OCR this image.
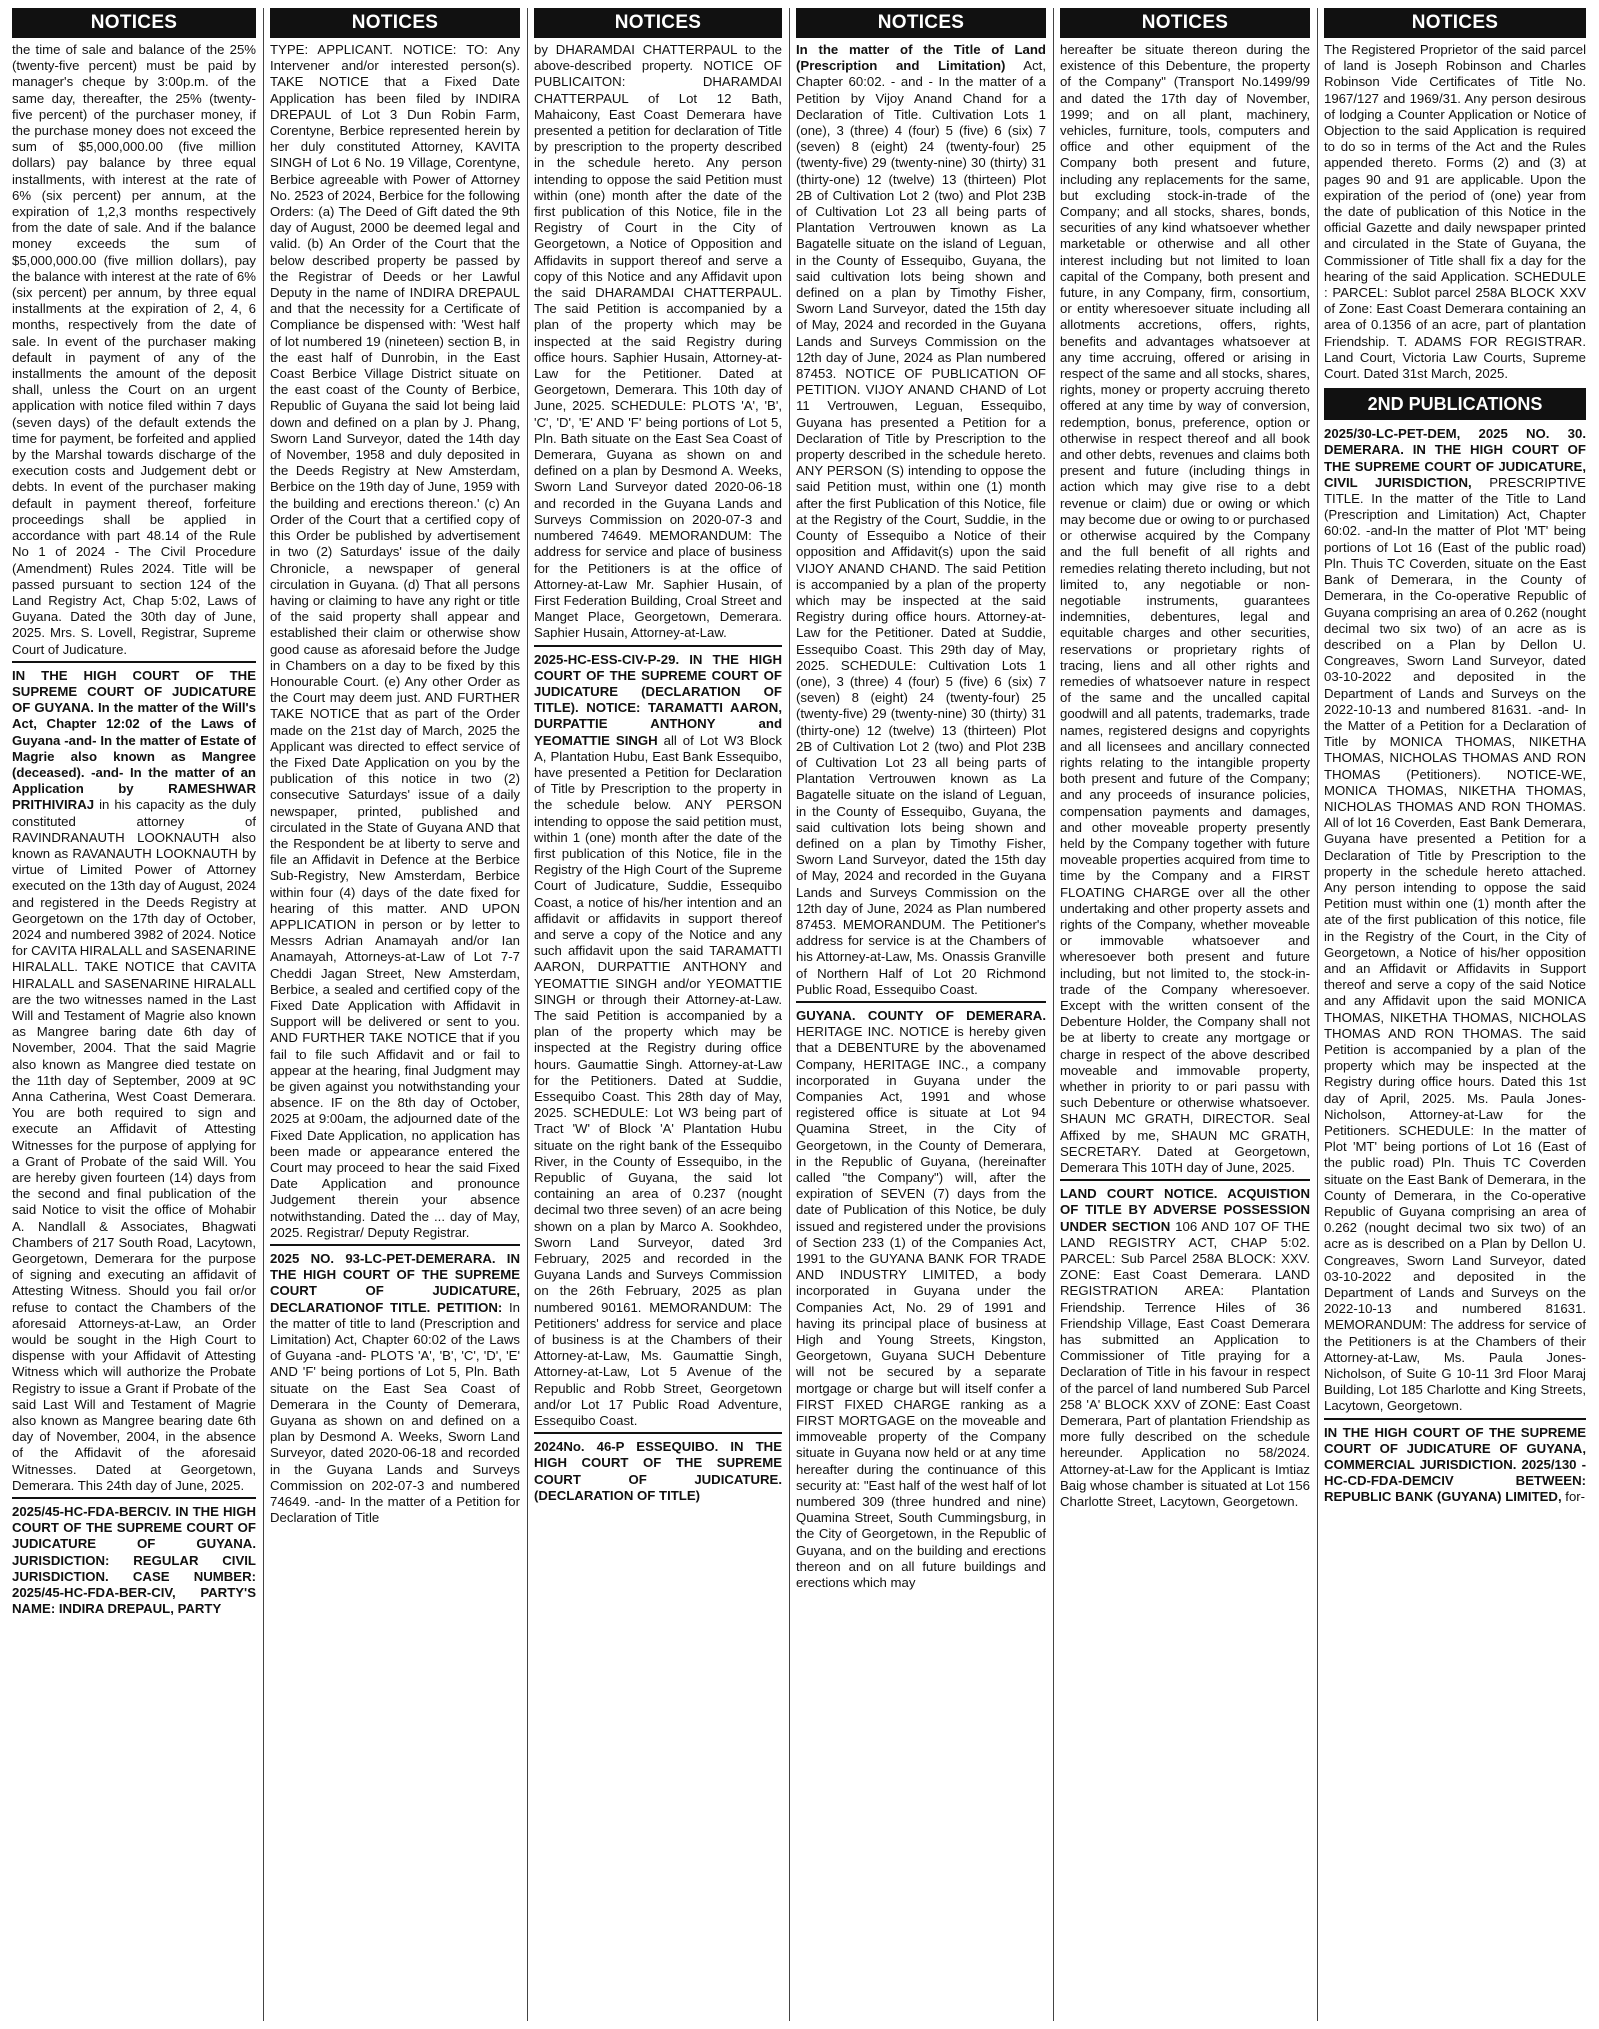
NOTICES

the time of sale and balance of the 25% (twenty-five percent) must be paid by manager's cheque by 3:00p.m. of the same day, thereafter, the 25% (twenty-five percent) of the purchaser money, if the purchase money does not exceed the sum of $5,000,000.00 (five million dollars) pay balance by three equal installments, with interest at the rate of 6% (six percent) per annum, at the expiration of 1,2,3 months respectively from the date of sale. And if the balance money exceeds the sum of $5,000,000.00 (five million dollars), pay the balance with interest at the rate of 6% (six percent) per annum, by three equal installments at the expiration of 2, 4, 6 months, respectively from the date of sale. In event of the purchaser making default in payment of any of the installments the amount of the deposit shall, unless the Court on an urgent application with notice filed within 7 days (seven days) of the default extends the time for payment, be forfeited and applied by the Marshal towards discharge of the execution costs and Judgement debt or debts. In event of the purchaser making default in payment thereof, forfeiture proceedings shall be applied in accordance with part 48.14 of the Rule No 1 of 2024 - The Civil Procedure (Amendment) Rules 2024. Title will be passed pursuant to section 124 of the Land Registry Act, Chap 5:02, Laws of Guyana. Dated the 30th day of June, 2025. Mrs. S. Lovell, Registrar, Supreme Court of Judicature.

IN THE HIGH COURT OF THE SUPREME COURT OF JUDICATURE OF GUYANA. In the matter of the Will's Act, Chapter 12:02 of the Laws of Guyana -and- In the matter of Estate of Magrie also known as Mangree (deceased). -and- In the matter of an Application by RAMESHWAR PRITHIVIRAJ in his capacity as the duly constituted attorney of RAVINDRANAUTH LOOKNAUTH also known as RAVANAUTH LOOKNAUTH by virtue of Limited Power of Attorney executed on the 13th day of August, 2024 and registered in the Deeds Registry at Georgetown on the 17th day of October, 2024 and numbered 3982 of 2024. Notice for CAVITA HIRALALL and SASENARINE HIRALALL. TAKE NOTICE that CAVITA HIRALALL and SASENARINE HIRALALL are the two witnesses named in the Last Will and Testament of Magrie also known as Mangree baring date 6th day of November, 2004. That the said Magrie also known as Mangree died testate on the 11th day of September, 2009 at 9C Anna Catherina, West Coast Demerara. You are both required to sign and execute an Affidavit of Attesting Witnesses for the purpose of applying for a Grant of Probate of the said Will. You are hereby given fourteen (14) days from the second and final publication of the said Notice to visit the office of Mohabir A. Nandlall & Associates, Bhagwati Chambers of 217 South Road, Lacytown, Georgetown, Demerara for the purpose of signing and executing an affidavit of Attesting Witness. Should you fail or/or refuse to contact the Chambers of the aforesaid Attorneys-at-Law, an Order would be sought in the High Court to dispense with your Affidavit of Attesting Witness which will authorize the Probate Registry to issue a Grant if Probate of the said Last Will and Testament of Magrie also known as Mangree bearing date 6th day of November, 2004, in the absence of the Affidavit of the aforesaid Witnesses. Dated at Georgetown, Demerara. This 24th day of June, 2025.

2025/45-HC-FDA-BERCIV. IN THE HIGH COURT OF THE SUPREME COURT OF JUDICATURE OF GUYANA. JURISDICTION: REGULAR CIVIL JURISDICTION. CASE NUMBER: 2025/45-HC-FDA-BER-CIV, PARTY'S NAME: INDIRA DREPAUL, PARTY

NOTICES

TYPE: APPLICANT. NOTICE: TO: Any Intervener and/or interested person(s). TAKE NOTICE that a Fixed Date Application has been filed by INDIRA DREPAUL of Lot 3 Dun Robin Farm, Corentyne, Berbice represented herein by her duly constituted Attorney, KAVITA SINGH of Lot 6 No. 19 Village, Corentyne, Berbice agreeable with Power of Attorney No. 2523 of 2024, Berbice for the following Orders: (a) The Deed of Gift dated the 9th day of August, 2000 be deemed legal and valid. (b) An Order of the Court that the below described property be passed by the Registrar of Deeds or her Lawful Deputy in the name of INDIRA DREPAUL and that the necessity for a Certificate of Compliance be dispensed with: 'West half of lot numbered 19 (nineteen) section B, in the east half of Dunrobin, in the East Coast Berbice Village District situate on the east coast of the County of Berbice, Republic of Guyana the said lot being laid down and defined on a plan by J. Phang, Sworn Land Surveyor, dated the 14th day of November, 1958 and duly deposited in the Deeds Registry at New Amsterdam, Berbice on the 19th day of June, 1959 with the building and erections thereon.' (c) An Order of the Court that a certified copy of this Order be published by advertisement in two (2) Saturdays' issue of the daily Chronicle, a newspaper of general circulation in Guyana. (d) That all persons having or claiming to have any right or title of the said property shall appear and established their claim or otherwise show good cause as aforesaid before the Judge in Chambers on a day to be fixed by this Honourable Court. (e) Any other Order as the Court may deem just. AND FURTHER TAKE NOTICE that as part of the Order made on the 21st day of March, 2025 the Applicant was directed to effect service of the Fixed Date Application on you by the publication of this notice in two (2) consecutive Saturdays' issue of a daily newspaper, printed, published and circulated in the State of Guyana AND that the Respondent be at liberty to serve and file an Affidavit in Defence at the Berbice Sub-Registry, New Amsterdam, Berbice within four (4) days of the date fixed for hearing of this matter. AND UPON APPLICATION in person or by letter to Messrs Adrian Anamayah and/or Ian Anamayah, Attorneys-at-Law of Lot 7-7 Cheddi Jagan Street, New Amsterdam, Berbice, a sealed and certified copy of the Fixed Date Application with Affidavit in Support will be delivered or sent to you. AND FURTHER TAKE NOTICE that if you fail to file such Affidavit and or fail to appear at the hearing, final Judgment may be given against you notwithstanding your absence. IF on the 8th day of October, 2025 at 9:00am, the adjourned date of the Fixed Date Application, no application has been made or appearance entered the Court may proceed to hear the said Fixed Date Application and pronounce Judgement therein your absence notwithstanding. Dated the ... day of May, 2025. Registrar/ Deputy Registrar.

2025 NO. 93-LC-PET-DEMERARA. IN THE HIGH COURT OF THE SUPREME COURT OF JUDICATURE, DECLARATIONOF TITLE. PETITION: In the matter of title to land (Prescription and Limitation) Act, Chapter 60:02 of the Laws of Guyana -and- PLOTS 'A', 'B', 'C', 'D', 'E' AND 'F' being portions of Lot 5, Pln. Bath situate on the East Sea Coast of Demerara in the County of Demerara, Guyana as shown on and defined on a plan by Desmond A. Weeks, Sworn Land Surveyor, dated 2020-06-18 and recorded in the Guyana Lands and Surveys Commission on 202-07-3 and numbered 74649. -and- In the matter of a Petition for Declaration of Title

NOTICES

by DHARAMDAI CHATTERPAUL to the above-described property. NOTICE OF PUBLICAITON: DHARAMDAI CHATTERPAUL of Lot 12 Bath, Mahaicony, East Coast Demerara have presented a petition for declaration of Title by prescription to the property described in the schedule hereto. Any person intending to oppose the said Petition must within (one) month after the date of the first publication of this Notice, file in the Registry of Court in the City of Georgetown, a Notice of Opposition and Affidavits in support thereof and serve a copy of this Notice and any Affidavit upon the said DHARAMDAI CHATTERPAUL. The said Petition is accompanied by a plan of the property which may be inspected at the said Registry during office hours. Saphier Husain, Attorney-at-Law for the Petitioner. Dated at Georgetown, Demerara. This 10th day of June, 2025. SCHEDULE: PLOTS 'A', 'B', 'C', 'D', 'E' AND 'F' being portions of Lot 5, Pln. Bath situate on the East Sea Coast of Demerara, Guyana as shown on and defined on a plan by Desmond A. Weeks, Sworn Land Surveyor dated 2020-06-18 and recorded in the Guyana Lands and Surveys Commission on 2020-07-3 and numbered 74649. MEMORANDUM: The address for service and place of business for the Petitioners is at the office of Attorney-at-Law Mr. Saphier Husain, of First Federation Building, Croal Street and Manget Place, Georgetown, Demerara. Saphier Husain, Attorney-at-Law.

2025-HC-ESS-CIV-P-29. IN THE HIGH COURT OF THE SUPREME COURT OF JUDICATURE (DECLARATION OF TITLE). NOTICE: TARAMATTI AARON, DURPATTIE ANTHONY and YEOMATTIE SINGH all of Lot W3 Block A, Plantation Hubu, East Bank Essequibo, have presented a Petition for Declaration of Title by Prescription to the property in the schedule below. ANY PERSON intending to oppose the said petition must, within 1 (one) month after the date of the first publication of this Notice, file in the Registry of the High Court of the Supreme Court of Judicature, Suddie, Essequibo Coast, a notice of his/her intention and an affidavit or affidavits in support thereof and serve a copy of the Notice and any such affidavit upon the said TARAMATTI AARON, DURPATTIE ANTHONY and YEOMATTIE SINGH and/or YEOMATTIE SINGH or through their Attorney-at-Law. The said Petition is accompanied by a plan of the property which may be inspected at the Registry during office hours. Gaumattie Singh. Attorney-at-Law for the Petitioners. Dated at Suddie, Essequibo Coast. This 28th day of May, 2025. SCHEDULE: Lot W3 being part of Tract 'W' of Block 'A' Plantation Hubu situate on the right bank of the Essequibo River, in the County of Essequibo, in the Republic of Guyana, the said lot containing an area of 0.237 (nought decimal two three seven) of an acre being shown on a plan by Marco A. Sookhdeo, Sworn Land Surveyor, dated 3rd February, 2025 and recorded in the Guyana Lands and Surveys Commission on the 26th February, 2025 as plan numbered 90161. MEMORANDUM: The Petitioners' address for service and place of business is at the Chambers of their Attorney-at-Law, Ms. Gaumattie Singh, Attorney-at-Law, Lot 5 Avenue of the Republic and Robb Street, Georgetown and/or Lot 17 Public Road Adventure, Essequibo Coast.

2024No. 46-P ESSEQUIBO. IN THE HIGH COURT OF THE SUPREME COURT OF JUDICATURE. (DECLARATION OF TITLE)

NOTICES

In the matter of the Title of Land (Prescription and Limitation) Act, Chapter 60:02. - and - In the matter of a Petition by Vijoy Anand Chand for a Declaration of Title. Cultivation Lots 1 (one), 3 (three) 4 (four) 5 (five) 6 (six) 7 (seven) 8 (eight) 24 (twenty-four) 25 (twenty-five) 29 (twenty-nine) 30 (thirty) 31 (thirty-one) 12 (twelve) 13 (thirteen) Plot 2B of Cultivation Lot 2 (two) and Plot 23B of Cultivation Lot 23 all being parts of Plantation Vertrouwen known as La Bagatelle situate on the island of Leguan, in the County of Essequibo, Guyana, the said cultivation lots being shown and defined on a plan by Timothy Fisher, Sworn Land Surveyor, dated the 15th day of May, 2024 and recorded in the Guyana Lands and Surveys Commission on the 12th day of June, 2024 as Plan numbered 87453. NOTICE OF PUBLICATION OF PETITION. VIJOY ANAND CHAND of Lot 11 Vertrouwen, Leguan, Essequibo, Guyana has presented a Petition for a Declaration of Title by Prescription to the property described in the schedule hereto. ANY PERSON (S) intending to oppose the said Petition must, within one (1) month after the first Publication of this Notice, file at the Registry of the Court, Suddie, in the County of Essequibo a Notice of their opposition and Affidavit(s) upon the said VIJOY ANAND CHAND. The said Petition is accompanied by a plan of the property which may be inspected at the said Registry during office hours. Attorney-at-Law for the Petitioner. Dated at Suddie, Essequibo Coast. This 29th day of May, 2025. SCHEDULE: Cultivation Lots 1 (one), 3 (three) 4 (four) 5 (five) 6 (six) 7 (seven) 8 (eight) 24 (twenty-four) 25 (twenty-five) 29 (twenty-nine) 30 (thirty) 31 (thirty-one) 12 (twelve) 13 (thirteen) Plot 2B of Cultivation Lot 2 (two) and Plot 23B of Cultivation Lot 23 all being parts of Plantation Vertrouwen known as La Bagatelle situate on the island of Leguan, in the County of Essequibo, Guyana, the said cultivation lots being shown and defined on a plan by Timothy Fisher, Sworn Land Surveyor, dated the 15th day of May, 2024 and recorded in the Guyana Lands and Surveys Commission on the 12th day of June, 2024 as Plan numbered 87453. MEMORANDUM. The Petitioner's address for service is at the Chambers of his Attorney-at-Law, Ms. Onassis Granville of Northern Half of Lot 20 Richmond Public Road, Essequibo Coast.

GUYANA. COUNTY OF DEMERARA. HERITAGE INC. NOTICE is hereby given that a DEBENTURE by the abovenamed Company, HERITAGE INC., a company incorporated in Guyana under the Companies Act, 1991 and whose registered office is situate at Lot 94 Quamina Street, in the City of Georgetown, in the County of Demerara, in the Republic of Guyana, (hereinafter called "the Company") will, after the expiration of SEVEN (7) days from the date of Publication of this Notice, be duly issued and registered under the provisions of Section 233 (1) of the Companies Act, 1991 to the GUYANA BANK FOR TRADE AND INDUSTRY LIMITED, a body incorporated in Guyana under the Companies Act, No. 29 of 1991 and having its principal place of business at High and Young Streets, Kingston, Georgetown, Guyana SUCH Debenture will not be secured by a separate mortgage or charge but will itself confer a FIRST FIXED CHARGE ranking as a FIRST MORTGAGE on the moveable and immoveable property of the Company situate in Guyana now held or at any time hereafter during the continuance of this security at: "East half of the west half of lot numbered 309 (three hundred and nine) Quamina Street, South Cummingsburg, in the City of Georgetown, in the Republic of Guyana, and on the building and erections thereon and on all future buildings and erections which may

NOTICES

hereafter be situate thereon during the existence of this Debenture, the property of the Company" (Transport No.1499/99 and dated the 17th day of November, 1999; and on all plant, machinery, vehicles, furniture, tools, computers and office and other equipment of the Company both present and future, including any replacements for the same, but excluding stock-in-trade of the Company; and all stocks, shares, bonds, securities of any kind whatsoever whether marketable or otherwise and all other interest including but not limited to loan capital of the Company, both present and future, in any Company, firm, consortium, or entity wheresoever situate including all allotments accretions, offers, rights, benefits and advantages whatsoever at any time accruing, offered or arising in respect of the same and all stocks, shares, rights, money or property accruing thereto offered at any time by way of conversion, redemption, bonus, preference, option or otherwise in respect thereof and all book and other debts, revenues and claims both present and future (including things in action which may give rise to a debt revenue or claim) due or owing or which may become due or owing to or purchased or otherwise acquired by the Company and the full benefit of all rights and remedies relating thereto including, but not limited to, any negotiable or non-negotiable instruments, guarantees indemnities, debentures, legal and equitable charges and other securities, reservations or proprietary rights of tracing, liens and all other rights and remedies of whatsoever nature in respect of the same and the uncalled capital goodwill and all patents, trademarks, trade names, registered designs and copyrights and all licensees and ancillary connected rights relating to the intangible property both present and future of the Company; and any proceeds of insurance policies, compensation payments and damages, and other moveable property presently held by the Company together with future moveable properties acquired from time to time by the Company and a FIRST FLOATING CHARGE over all the other undertaking and other property assets and rights of the Company, whether moveable or immovable whatsoever and wheresoever both present and future including, but not limited to, the stock-in-trade of the Company wheresoever. Except with the written consent of the Debenture Holder, the Company shall not be at liberty to create any mortgage or charge in respect of the above described moveable and immovable property, whether in priority to or pari passu with such Debenture or otherwise whatsoever. SHAUN MC GRATH, DIRECTOR. Seal Affixed by me, SHAUN MC GRATH, SECRETARY. Dated at Georgetown, Demerara This 10TH day of June, 2025.

LAND COURT NOTICE. ACQUISTION OF TITLE BY ADVERSE POSSESSION UNDER SECTION 106 AND 107 OF THE LAND REGISTRY ACT, CHAP 5:02. PARCEL: Sub Parcel 258A BLOCK: XXV. ZONE: East Coast Demerara. LAND REGISTRATION AREA: Plantation Friendship. Terrence Hiles of 36 Friendship Village, East Coast Demerara has submitted an Application to Commissioner of Title praying for a Declaration of Title in his favour in respect of the parcel of land numbered Sub Parcel 258 'A' BLOCK XXV of ZONE: East Coast Demerara, Part of plantation Friendship as more fully described on the schedule hereunder. Application no 58/2024. Attorney-at-Law for the Applicant is Imtiaz Baig whose chamber is situated at Lot 156 Charlotte Street, Lacytown, Georgetown.

NOTICES

The Registered Proprietor of the said parcel of land is Joseph Robinson and Charles Robinson Vide Certificates of Title No. 1967/127 and 1969/31. Any person desirous of lodging a Counter Application or Notice of Objection to the said Application is required to do so in terms of the Act and the Rules appended thereto. Forms (2) and (3) at pages 90 and 91 are applicable. Upon the expiration of the period of (one) year from the date of publication of this Notice in the official Gazette and daily newspaper printed and circulated in the State of Guyana, the Commissioner of Title shall fix a day for the hearing of the said Application. SCHEDULE : PARCEL: Sublot parcel 258A BLOCK XXV of Zone: East Coast Demerara containing an area of 0.1356 of an acre, part of plantation Friendship. T. ADAMS FOR REGISTRAR. Land Court, Victoria Law Courts, Supreme Court. Dated 31st March, 2025.

2ND PUBLICATIONS

2025/30-LC-PET-DEM, 2025 NO. 30. DEMERARA. IN THE HIGH COURT OF THE SUPREME COURT OF JUDICATURE, CIVIL JURISDICTION, PRESCRIPTIVE TITLE. In the matter of the Title to Land (Prescription and Limitation) Act, Chapter 60:02. -and-In the matter of Plot 'MT' being portions of Lot 16 (East of the public road) Pln. Thuis TC Coverden, situate on the East Bank of Demerara, in the County of Demerara, in the Co-operative Republic of Guyana comprising an area of 0.262 (nought decimal two six two) of an acre as is described on a Plan by Dellon U. Congreaves, Sworn Land Surveyor, dated 03-10-2022 and deposited in the Department of Lands and Surveys on the 2022-10-13 and numbered 81631. -and- In the Matter of a Petition for a Declaration of Title by MONICA THOMAS, NIKETHA THOMAS, NICHOLAS THOMAS AND RON THOMAS (Petitioners). NOTICE-WE, MONICA THOMAS, NIKETHA THOMAS, NICHOLAS THOMAS AND RON THOMAS. All of lot 16 Coverden, East Bank Demerara, Guyana have presented a Petition for a Declaration of Title by Prescription to the property in the schedule hereto attached. Any person intending to oppose the said Petition must within one (1) month after the ate of the first publication of this notice, file in the Registry of the Court, in the City of Georgetown, a Notice of his/her opposition and an Affidavit or Affidavits in Support thereof and serve a copy of the said Notice and any Affidavit upon the said MONICA THOMAS, NIKETHA THOMAS, NICHOLAS THOMAS AND RON THOMAS. The said Petition is accompanied by a plan of the property which may be inspected at the Registry during office hours. Dated this 1st day of April, 2025. Ms. Paula Jones-Nicholson, Attorney-at-Law for the Petitioners. SCHEDULE: In the matter of Plot 'MT' being portions of Lot 16 (East of the public road) Pln. Thuis TC Coverden situate on the East Bank of Demerara, in the County of Demerara, in the Co-operative Republic of Guyana comprising an area of 0.262 (nought decimal two six two) of an acre as is described on a Plan by Dellon U. Congreaves, Sworn Land Surveyor, dated 03-10-2022 and deposited in the Department of Lands and Surveys on the 2022-10-13 and numbered 81631. MEMORANDUM: The address for service of the Petitioners is at the Chambers of their Attorney-at-Law, Ms. Paula Jones-Nicholson, of Suite G 10-11 3rd Floor Maraj Building, Lot 185 Charlotte and King Streets, Lacytown, Georgetown.

IN THE HIGH COURT OF THE SUPREME COURT OF JUDICATURE OF GUYANA, COMMERCIAL JURISDICTION. 2025/130 -HC-CD-FDA-DEMCIV BETWEEN: REPUBLIC BANK (GUYANA) LIMITED, for-
